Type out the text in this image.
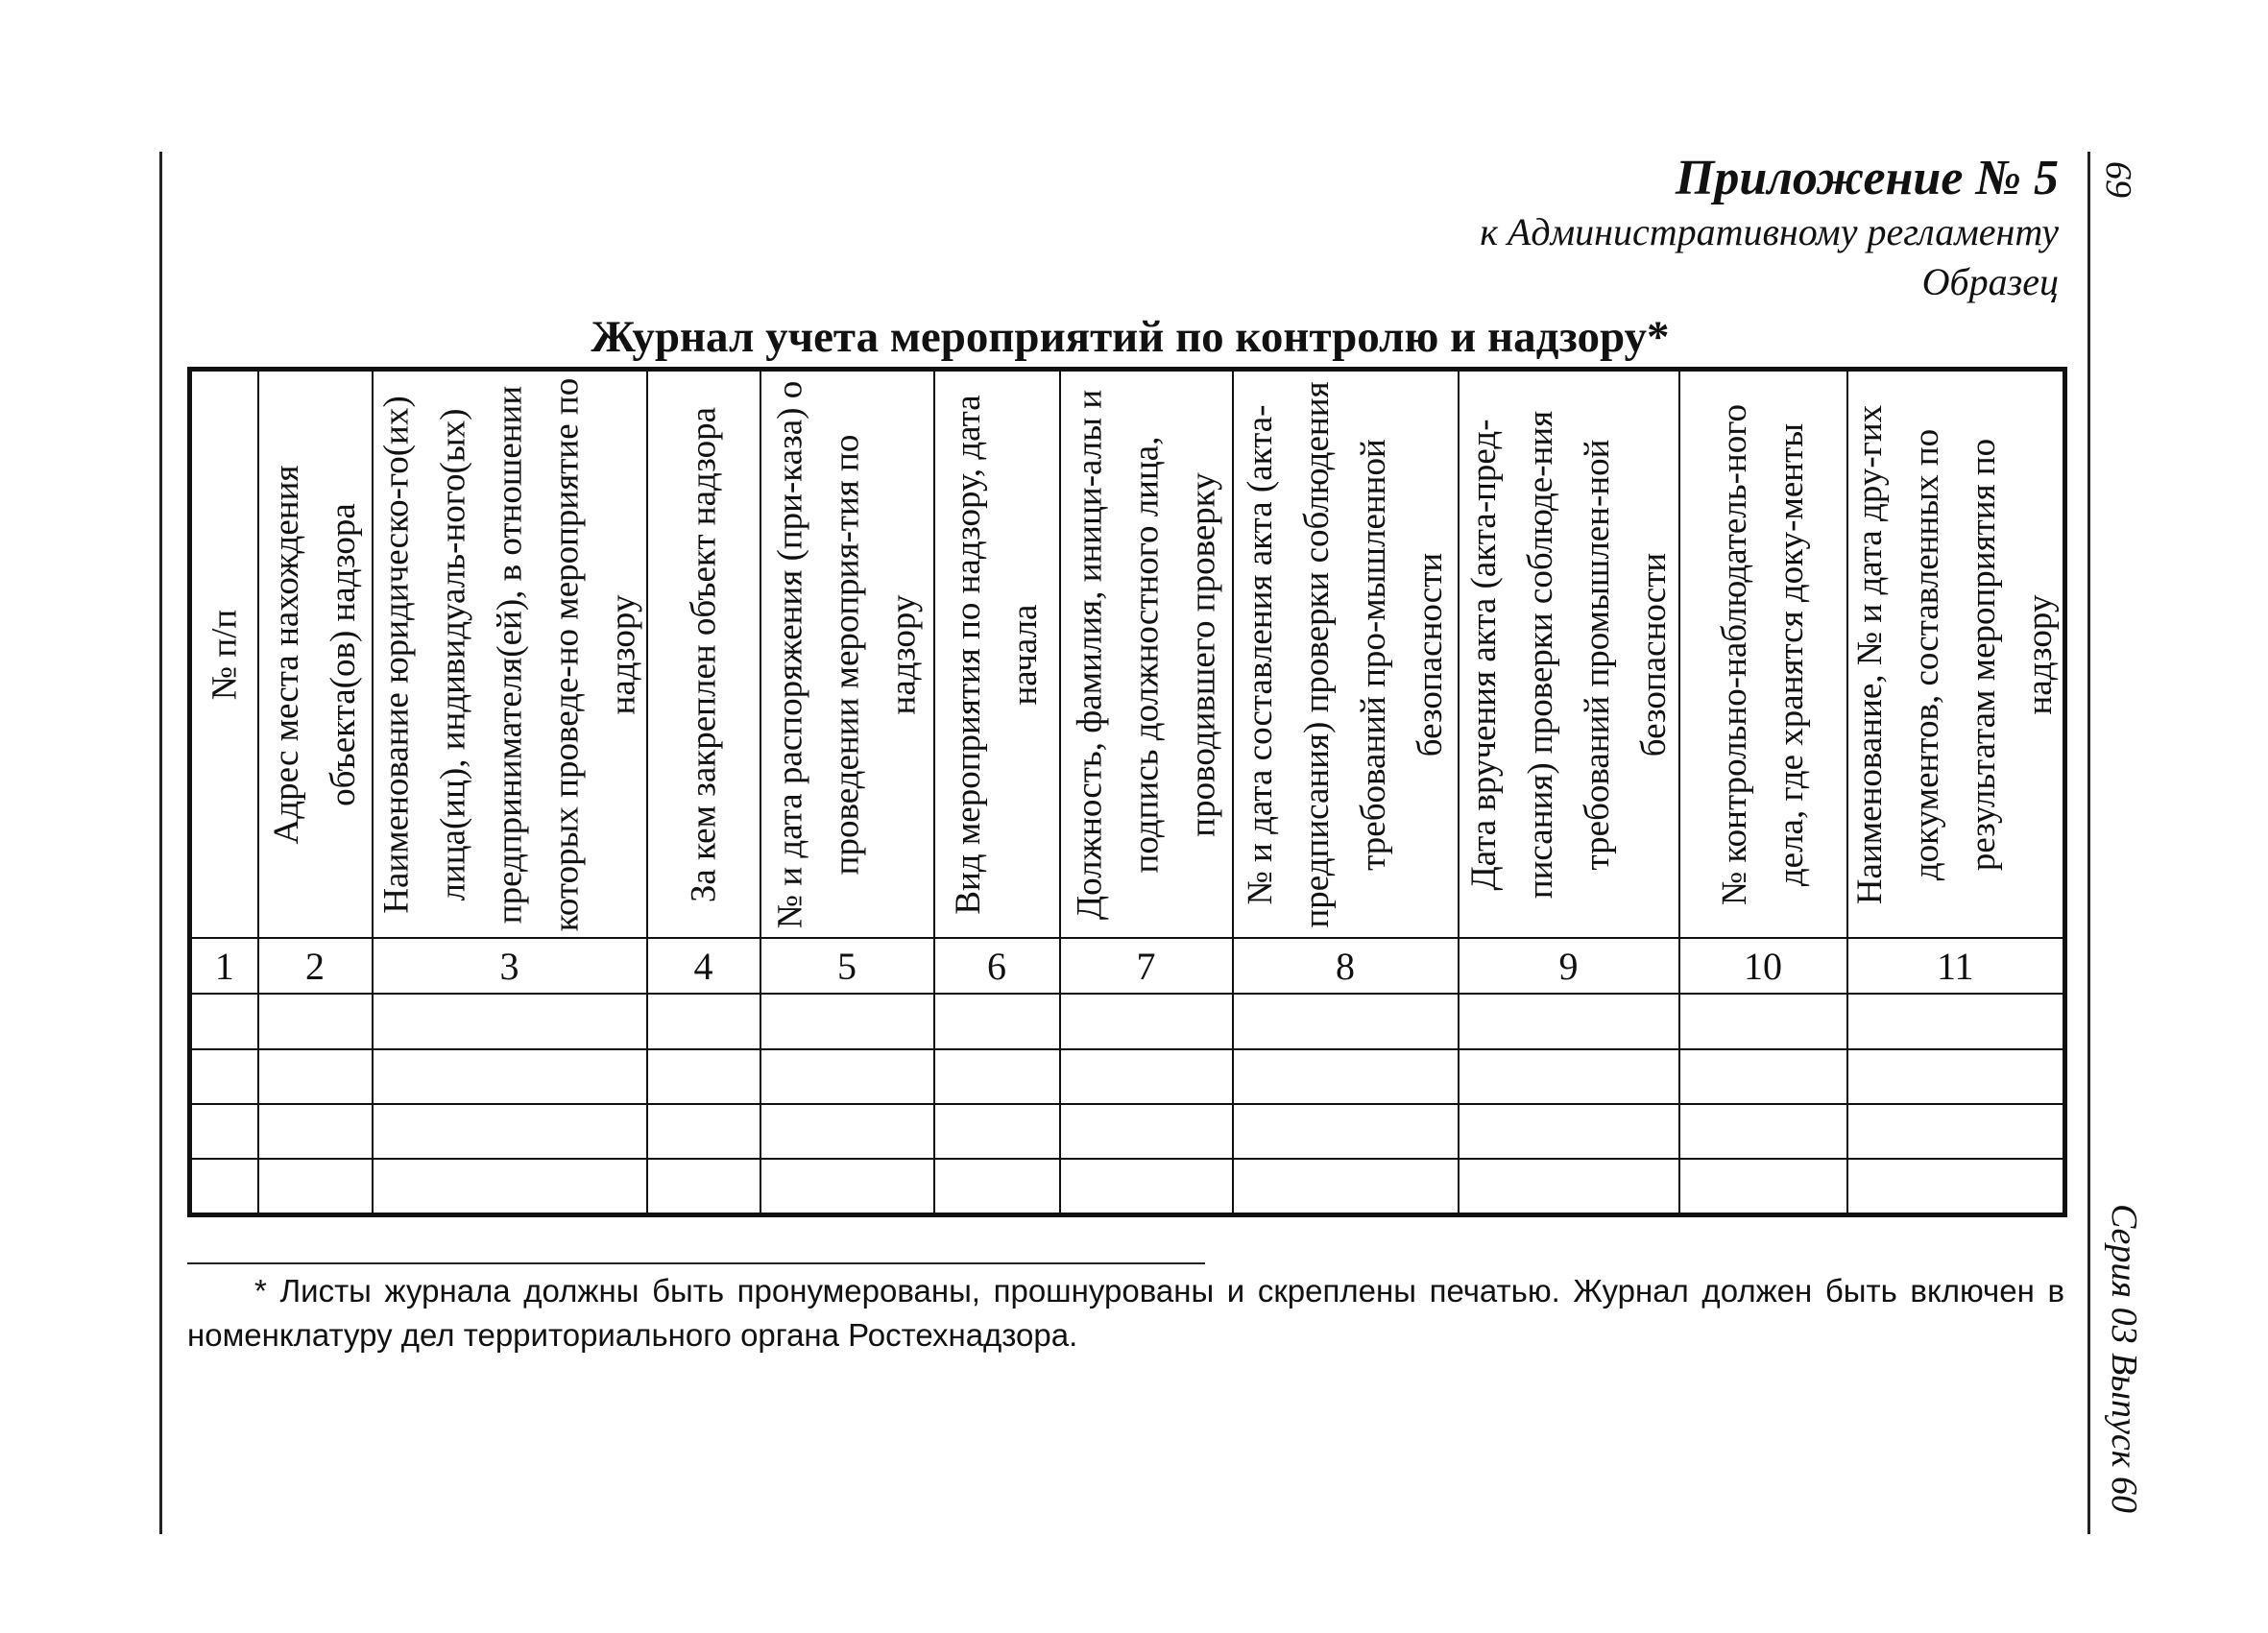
69
Серия 03 Выпуск 60
Приложение № 5
к Административному регламенту
Образец
Журнал учета мероприятий по контролю и надзору*
№ п/п	Адрес места нахождения объекта(ов) надзора	Наименование юридическо-го(их) лица(иц), индивидуаль-ного(ых) предпринимателя(ей), в отношении которых проведе-но мероприятие по надзору	За кем закреплен объект надзора	№ и дата распоряжения (при-каза) о проведении мероприя-тия по надзору	Вид мероприятия по надзору, дата начала	Должность, фамилия, иници-алы и подпись должностного лица, проводившего проверку	№ и дата составления акта (акта-предписания) проверки соблюдения требований про-мышленной безопасности	Дата вручения акта (акта-пред-писания) проверки соблюде-ния требований промышлен-ной безопасности	№ контрольно-наблюдатель-ного дела, где хранятся доку-менты	Наименование, № и дата дру-гих документов, составленных по результатам мероприятия по надзору

1	2	3	4	5	6	7	8	9	10	11

* Листы журнала должны быть пронумерованы, прошнурованы и скреплены печатью. Журнал должен быть включен в номенклатуру дел территориального органа Ростехнадзора.
